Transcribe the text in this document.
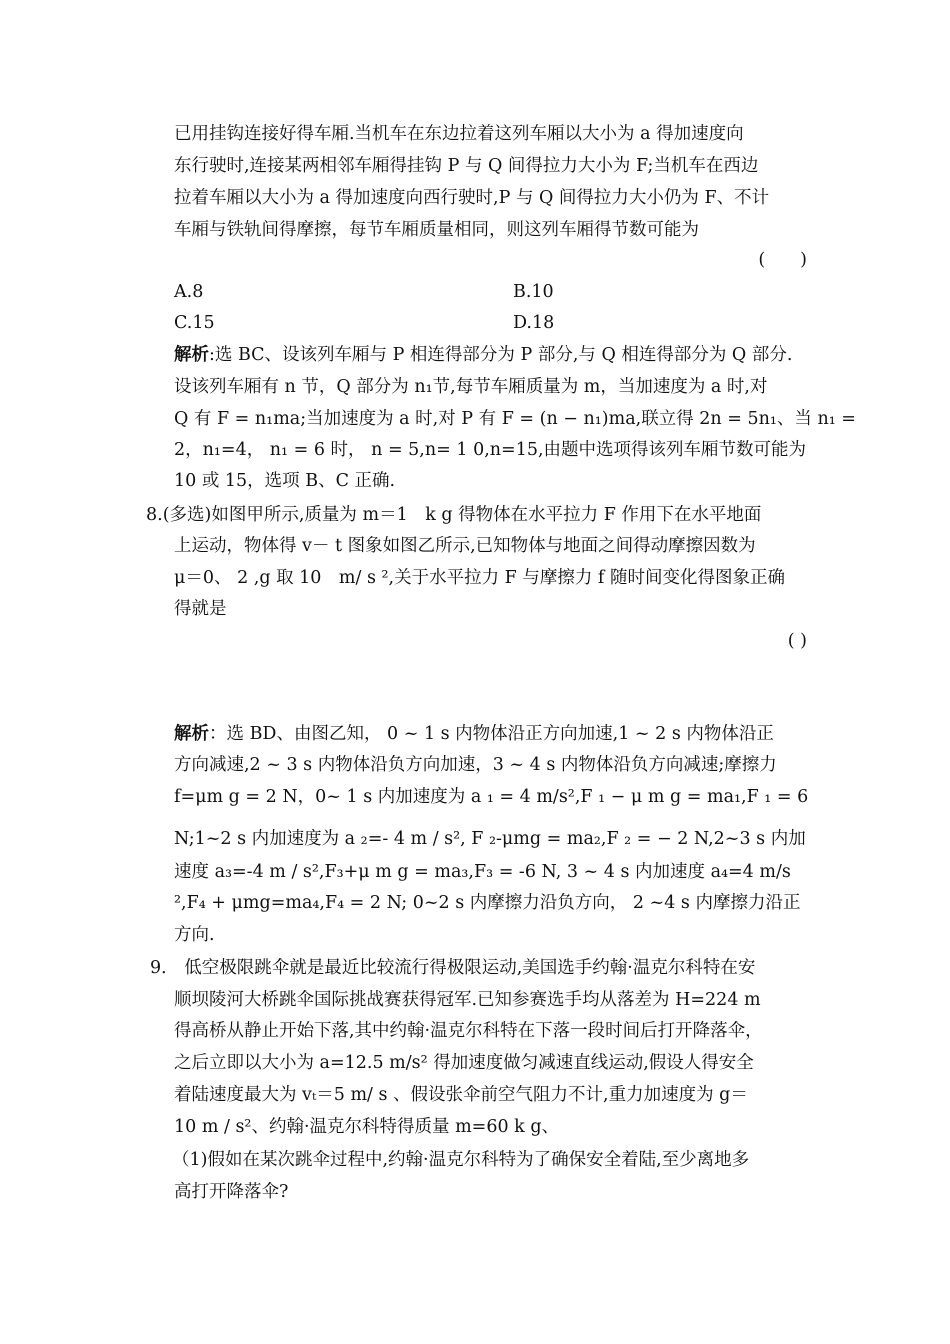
已用挂钩连接好得车厢.当机车在东边拉着这列车厢以大小为 a 得加速度向
东行驶时,连接某两相邻车厢得挂钩 P 与 Q 间得拉力大小为 F;当机车在西边
拉着车厢以大小为 a 得加速度向西行驶时,P 与 Q 间得拉力大小仍为 F、不计
车厢与铁轨间得摩擦，每节车厢质量相同，则这列车厢得节数可能为
(　　)
A.8	B.10
C.15	D.18
解析:选 BC、设该列车厢与 P 相连得部分为 P 部分,与 Q 相连得部分为 Q 部分.
设该列车厢有 n 节，Q 部分为 n₁节,每节车厢质量为 m，当加速度为 a 时,对
Q 有 F = n₁ma;当加速度为 a 时,对 P 有 F = (n − n₁)ma,联立得 2n = 5n₁、当 n₁ =
2，n₁=4， n₁ = 6 时， n = 5,n= 1 0,n=15,由题中选项得该列车厢节数可能为
10 或 15，选项 B、C 正确.
8.(多选)如图甲所示,质量为 m＝1　k g 得物体在水平拉力 F 作用下在水平地面
上运动，物体得 v－ t 图象如图乙所示,已知物体与地面之间得动摩擦因数为
μ＝0、 2 ,g 取 10　m/ s ²,关于水平拉力 F 与摩擦力 f 随时间变化得图象正确
得就是
( )
解析：选 BD、由图乙知， 0 ~ 1 s 内物体沿正方向加速,1 ~ 2 s 内物体沿正
方向减速,2 ~ 3 s 内物体沿负方向加速，3 ~ 4 s 内物体沿负方向减速;摩擦力
f=μm g = 2 N，0~ 1 s 内加速度为 a ₁ = 4 m/s²,F ₁ − μ m g = ma₁,F ₁ = 6
N;1~2 s 内加速度为 a ₂=- 4 m / s², F ₂-μmg = ma₂,F ₂ = − 2 N,2~3 s 内加
速度 a₃=-4 m / s²,F₃+μ m g = ma₃,F₃ = -6 N, 3 ~ 4 s 内加速度 a₄=4 m/s
²,F₄ + μmg=ma₄,F₄ = 2 N; 0~2 s 内摩擦力沿负方向， 2 ~4 s 内摩擦力沿正
方向.
9． 低空极限跳伞就是最近比较流行得极限运动,美国选手约翰·温克尔科特在安
顺坝陵河大桥跳伞国际挑战赛获得冠军.已知参赛选手均从落差为 H=224 m
得高桥从静止开始下落,其中约翰·温克尔科特在下落一段时间后打开降落伞，
之后立即以大小为 a=12.5 m/s² 得加速度做匀减速直线运动,假设人得安全
着陆速度最大为 vₜ＝5 m/ s 、假设张伞前空气阻力不计,重力加速度为 g＝
10 m / s²、约翰·温克尔科特得质量 m=60 k g、
（1)假如在某次跳伞过程中,约翰·温克尔科特为了确保安全着陆,至少离地多
高打开降落伞?
